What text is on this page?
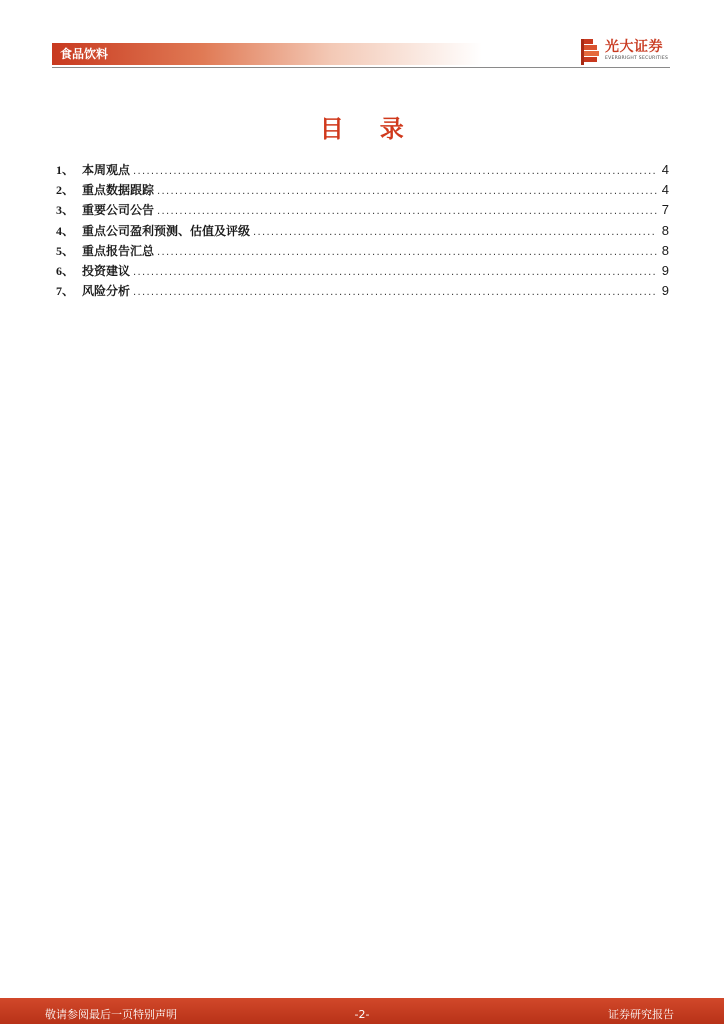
食品饮料	光大证券
EVERBRIGHT SECURITIES
目    录
1、 本周观点 .....	4
2、 重点数据跟踪 .....	4
3、 重要公司公告 .....	7
4、 重点公司盈利预测、估值及评级 .....	8
5、 重点报告汇总 .....	8
6、 投资建议 .....	9
7、 风险分析 .....	9
敬请参阅最后一页特别声明	-2-	证券研究报告
